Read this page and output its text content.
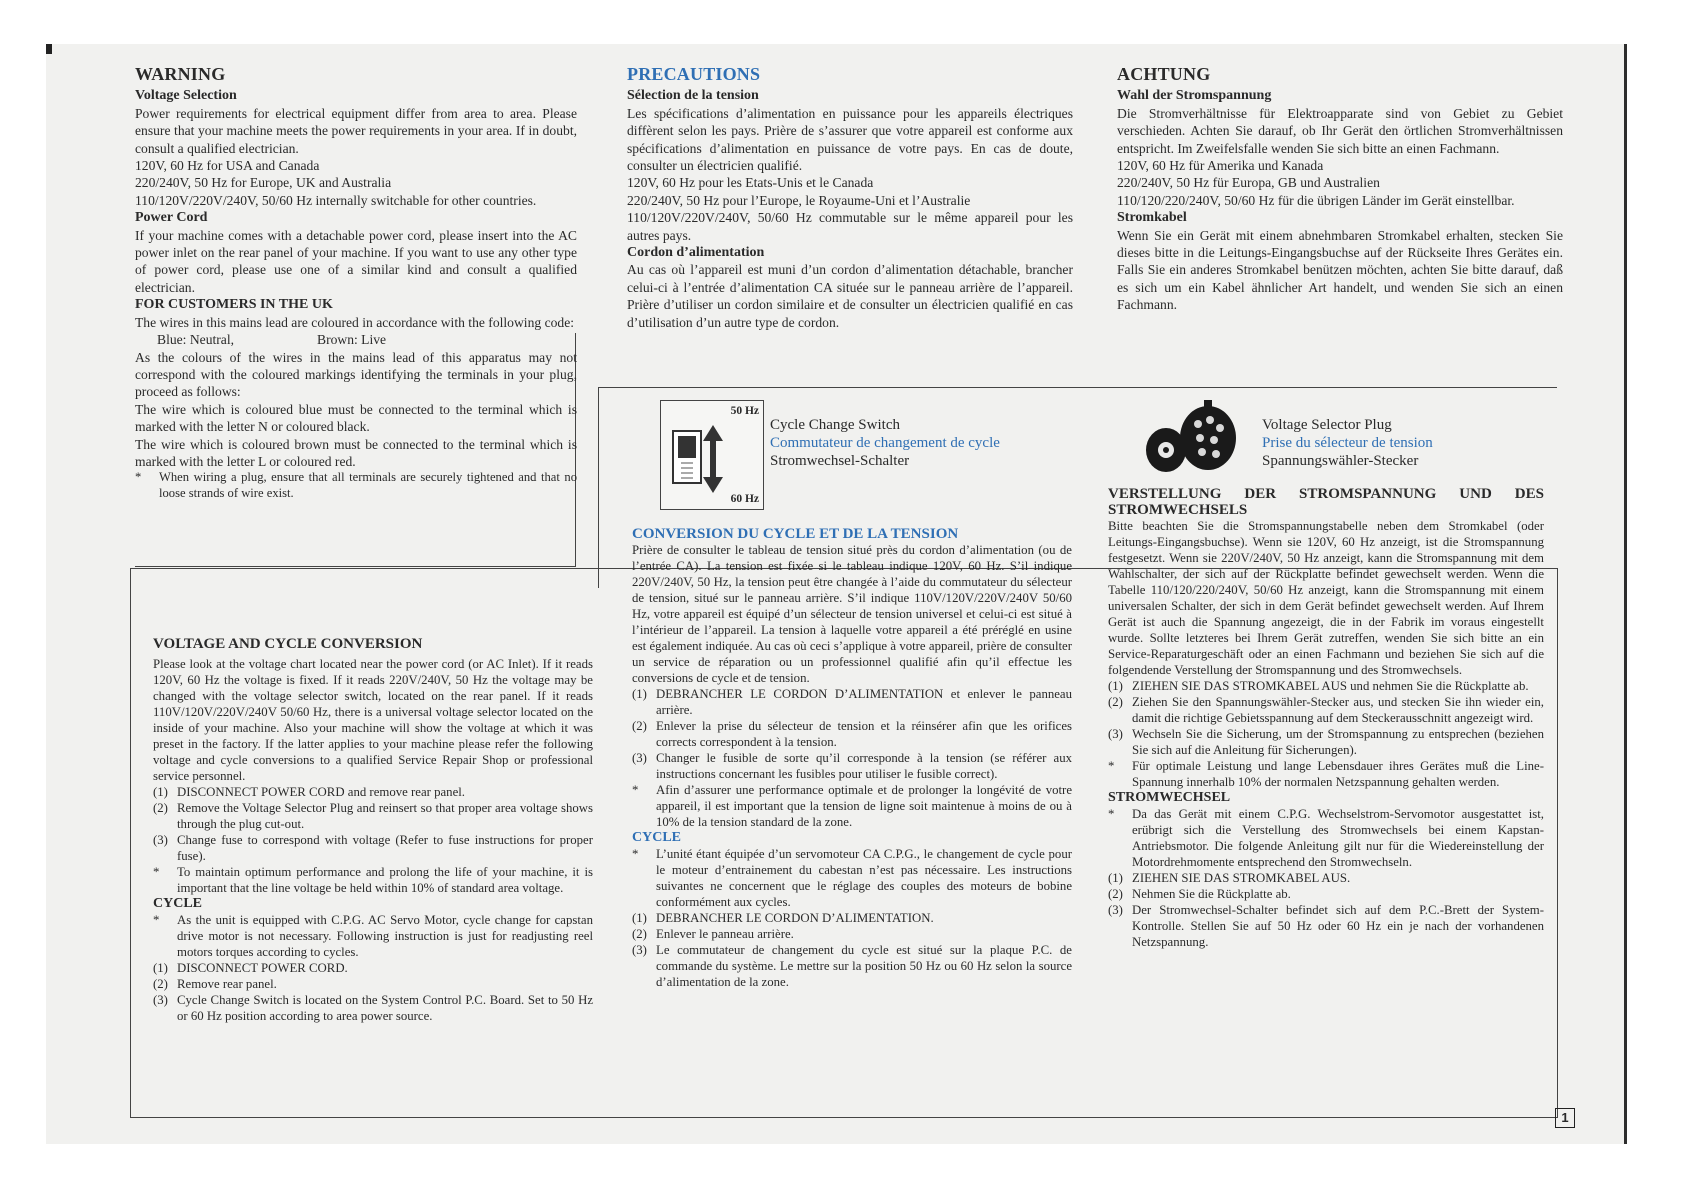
WARNING
Voltage Selection

Power requirements for electrical equipment differ from area to area. Please ensure that your machine meets the power requirements in your area. If in doubt, consult a qualified electrician.

120V, 60 Hz for USA and Canada

220/240V, 50 Hz for Europe, UK and Australia

110/120V/220V/240V, 50/60 Hz internally switchable for other countries.

Power Cord

If your machine comes with a detachable power cord, please insert into the AC power inlet on the rear panel of your machine. If you want to use any other type of power cord, please use one of a similar kind and consult a qualified electrician.

FOR CUSTOMERS IN THE UK

The wires in this mains lead are coloured in accordance with the following code:

Blue: Neutral,	Brown: Live

As the colours of the wires in the mains lead of this apparatus may not correspond with the coloured markings identifying the terminals in your plug, proceed as follows:

The wire which is coloured blue must be connected to the terminal which is marked with the letter N or coloured black.

The wire which is coloured brown must be connected to the terminal which is marked with the letter L or coloured red.

* When wiring a plug, ensure that all terminals are securely tightened and that no loose strands of wire exist.
PRECAUTIONS
Sélection de la tension

Les spécifications d’alimentation en puissance pour les appareils électriques diffèrent selon les pays. Prière de s’assurer que votre appareil est conforme aux spécifications d’alimentation en puissance de votre pays. En cas de doute, consulter un électricien qualifié.

120V, 60 Hz pour les Etats-Unis et le Canada

220/240V, 50 Hz pour l’Europe, le Royaume-Uni et l’Australie

110/120V/220V/240V, 50/60 Hz commutable sur le même appareil pour les autres pays.

Cordon d’alimentation

Au cas où l’appareil est muni d’un cordon d’alimentation détachable, brancher celui-ci à l’entrée d’alimentation CA située sur le panneau arrière de l’appareil. Prière d’utiliser un cordon similaire et de consulter un électricien qualifié en cas d’utilisation d’un autre type de cordon.

ACHTUNG
Wahl der Stromspannung

Die Stromverhältnisse für Elektroapparate sind von Gebiet zu Gebiet verschieden. Achten Sie darauf, ob Ihr Gerät den örtlichen Stromverhältnissen entspricht. Im Zweifelsfalle wenden Sie sich bitte an einen Fachmann.

120V, 60 Hz für Amerika und Kanada

220/240V, 50 Hz für Europa, GB und Australien

110/120/220/240V, 50/60 Hz für die übrigen Länder im Gerät einstellbar.

Stromkabel

Wenn Sie ein Gerät mit einem abnehmbaren Stromkabel erhalten, stecken Sie dieses bitte in die Leitungs-Eingangsbuchse auf der Rückseite Ihres Gerätes ein. Falls Sie ein anderes Stromkabel benützen möchten, achten Sie bitte darauf, daß es sich um ein Kabel ähnlicher Art handelt, und wenden Sie sich an einen Fachmann.

50 Hz
60 Hz
Cycle Change Switch
Commutateur de changement de cycle
Stromwechsel-Schalter
Voltage Selector Plug
Prise du sélecteur de tension
Spannungswähler-Stecker
VOLTAGE AND CYCLE CONVERSION

Please look at the voltage chart located near the power cord (or AC Inlet). If it reads 120V, 60 Hz the voltage is fixed. If it reads 220V/240V, 50 Hz the voltage may be changed with the voltage selector switch, located on the rear panel. If it reads 110V/120V/220V/240V 50/60 Hz, there is a universal voltage selector located on the inside of your machine. Also your machine will show the voltage at which it was preset in the factory. If the latter applies to your machine please refer the following voltage and cycle conversions to a qualified Service Repair Shop or professional service personnel.

(1) DISCONNECT POWER CORD and remove rear panel.
(2) Remove the Voltage Selector Plug and reinsert so that proper area voltage shows through the plug cut-out.
(3) Change fuse to correspond with voltage (Refer to fuse instructions for proper fuse).
* To maintain optimum performance and prolong the life of your machine, it is important that the line voltage be held within 10% of standard area voltage.
CYCLE
* As the unit is equipped with C.P.G. AC Servo Motor, cycle change for capstan drive motor is not necessary. Following instruction is just for readjusting reel motors torques according to cycles.
(1) DISCONNECT POWER CORD.
(2) Remove rear panel.
(3) Cycle Change Switch is located on the System Control P.C. Board. Set to 50 Hz or 60 Hz position according to area power source.
CONVERSION DU CYCLE ET DE LA TENSION

Prière de consulter le tableau de tension situé près du cordon d’alimentation (ou de l’entrée CA). La tension est fixée si le tableau indique 120V, 60 Hz. S’il indique 220V/240V, 50 Hz, la tension peut être changée à l’aide du commutateur du sélecteur de tension, situé sur le panneau arrière. S’il indique 110V/120V/220V/240V 50/60 Hz, votre appareil est équipé d’un sélecteur de tension universel et celui-ci est situé à l’intérieur de l’appareil. La tension à laquelle votre appareil a été préréglé en usine est également indiquée. Au cas où ceci s’applique à votre appareil, prière de consulter un service de réparation ou un professionnel qualifié afin qu’il effectue les conversions de cycle et de tension.

(1) DEBRANCHER LE CORDON D’ALIMENTATION et enlever le panneau arrière.
(2) Enlever la prise du sélecteur de tension et la réinsérer afin que les orifices corrects correspondent à la tension.
(3) Changer le fusible de sorte qu’il corresponde à la tension (se référer aux instructions concernant les fusibles pour utiliser le fusible correct).
* Afin d’assurer une performance optimale et de prolonger la longévité de votre appareil, il est important que la tension de ligne soit maintenue à moins de ou à 10% de la tension standard de la zone.
CYCLE
* L’unité étant équipée d’un servomoteur CA C.P.G., le changement de cycle pour le moteur d’entrainement du cabestan n’est pas nécessaire. Les instructions suivantes ne concernent que le réglage des couples des moteurs de bobine conformément aux cycles.
(1) DEBRANCHER LE CORDON D’ALIMENTATION.
(2) Enlever le panneau arrière.
(3) Le commutateur de changement du cycle est situé sur la plaque P.C. de commande du système. Le mettre sur la position 50 Hz ou 60 Hz selon la source d’alimentation de la zone.
VERSTELLUNG DER STROMSPANNUNG UND DES STROMWECHSELS

Bitte beachten Sie die Stromspannungstabelle neben dem Stromkabel (oder Leitungs-Eingangsbuchse). Wenn sie 120V, 60 Hz anzeigt, ist die Stromspannung festgesetzt. Wenn sie 220V/240V, 50 Hz anzeigt, kann die Stromspannung mit dem Wahlschalter, der sich auf der Rückplatte befindet gewechselt werden. Wenn die Tabelle 110/120/220/240V, 50/60 Hz anzeigt, kann die Stromspannung mit einem universalen Schalter, der sich in dem Gerät befindet gewechselt werden. Auf Ihrem Gerät ist auch die Spannung angezeigt, die in der Fabrik im voraus eingestellt wurde. Sollte letzteres bei Ihrem Gerät zutreffen, wenden Sie sich bitte an ein Service-Reparaturgeschäft oder an einen Fachmann und beziehen Sie sich auf die folgendende Verstellung der Stromspannung und des Stromwechsels.

(1) ZIEHEN SIE DAS STROMKABEL AUS und nehmen Sie die Rückplatte ab.
(2) Ziehen Sie den Spannungswähler-Stecker aus, und stecken Sie ihn wieder ein, damit die richtige Gebietsspannung auf dem Steckerausschnitt angezeigt wird.
(3) Wechseln Sie die Sicherung, um der Stromspannung zu entsprechen (beziehen Sie sich auf die Anleitung für Sicherungen).
* Für optimale Leistung und lange Lebensdauer ihres Gerätes muß die Line-Spannung innerhalb 10% der normalen Netzspannung gehalten werden.
STROMWECHSEL
* Da das Gerät mit einem C.P.G. Wechselstrom-Servomotor ausgestattet ist, erübrigt sich die Verstellung des Stromwechsels bei einem Kapstan-Antriebsmotor. Die folgende Anleitung gilt nur für die Wiedereinstellung der Motordrehmomente entsprechend den Stromwechseln.
(1) ZIEHEN SIE DAS STROMKABEL AUS.
(2) Nehmen Sie die Rückplatte ab.
(3) Der Stromwechsel-Schalter befindet sich auf dem P.C.-Brett der System-Kontrolle. Stellen Sie auf 50 Hz oder 60 Hz ein je nach der vorhandenen Netzspannung.
1
